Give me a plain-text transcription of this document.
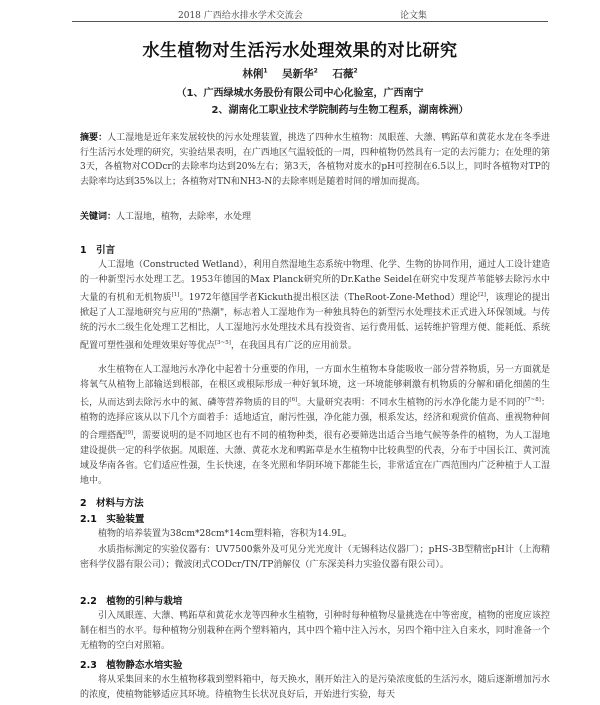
2018 广西给水排水学术交流会	论文集
水生植物对生活污水处理效果的对比研究
林俐$^1$ 吴新华$^2$ 石薇$^2$
（1、广西绿城水务股份有限公司中心化验室，广西南宁
2、湖南化工职业技术学院制药与生物工程系，湖南株洲）
摘要：人工湿地是近年来发展较快的污水处理装置，挑选了四种水生植物：凤眼莲、大薸、鸭跖草和黄花水龙在冬季进行生活污水处理的研究，实验结果表明，在广西地区气温较低的一周，四种植物仍然具有一定的去污能力；在处理的第3天，各植物对CODcr的去除率均达到20%左右；第3天，各植物对废水的pH可控制在6.5以上，同时各植物对TP的去除率均达到35%以上；各植物对TN和NH3-N的去除率则是随着时间的增加而提高。
关键词：人工湿地，植物，去除率，水处理
1　引言
人工湿地（Constructed Wetland），利用自然湿地生态系统中物理、化学、生物的协同作用，通过人工设计建造的一种新型污水处理工艺。1953年德国的Max Planck研究所的Dr.Kathe Seidel在研究中发现芦苇能够去除污水中大量的有机和无机物质[1]。1972年德国学者Kickuth提出根区法（TheRoot-Zone-Method）理论[2]，该理论的提出掀起了人工湿地研究与应用的"热潮"，标志着人工湿地作为一种独具特色的新型污水处理技术正式进入环保领域。与传统的污水二级生化处理工艺相比，人工湿地污水处理技术具有投资省、运行费用低、运转维护管理方便、能耗低、系统配置可塑性强和处理效果好等优点[3~5]，在我国具有广泛的应用前景。
水生植物在人工湿地污水净化中起着十分重要的作用，一方面水生植物本身能吸收一部分营养物质，另一方面就是将氧气从植物上部输送到根部，在根区或根际形成一种好氧环境，这一环境能够刺激有机物质的分解和硝化细菌的生长，从而达到去除污水中的氮、磷等营养物质的目的[6]。大量研究表明：不同水生植物的污水净化能力是不同的[7~8]：植物的选择应该从以下几个方面着手：适地适宜，耐污性强，净化能力强，根系发达，经济和观赏价值高、重视物种间的合理搭配[9]，需要说明的是不同地区也有不同的植物种类，很有必要筛选出适合当地气候等条件的植物，为人工湿地建设提供一定的科学依据。凤眼莲、大薸、黄花水龙和鸭跖草是水生植物中比较典型的代表，分布于中国长江、黄河流域及华南各省。它们适应性强，生长快速，在冬光照和华阴环境下都能生长，非常适宜在广西范围内广泛种植于人工湿地中。
2　材料与方法
2.1　实验装置
植物的培养装置为38cm*28cm*14cm塑料箱，容积为14.9L。
水质指标测定的实验仪器有：UV7500紫外及可见分光光度计（无锡科达仪器厂）；pHS-3B型精密pH计（上海精密科学仪器有限公司）；微波闭式CODcr/TN/TP消解仪（广东深美科力实验仪器有限公司）。
2.2　植物的引种与栽培
引入凤眼莲、大薸、鸭跖草和黄花水龙等四种水生植物，引种时每种植物尽量挑选在中等密度，植物的密度应该控制在相当的水平。每种植物分别栽种在两个塑料箱内，其中四个箱中注入污水，另四个箱中注入自来水，同时准备一个无植物的空白对照箱。
2.3　植物静态水培实验
将从采集回来的水生植物移栽到塑料箱中，每天换水，刚开始注入的是污染浓度低的生活污水，随后逐渐增加污水的浓度，使植物能够适应其环境。待植物生长状况良好后，开始进行实验，每天
